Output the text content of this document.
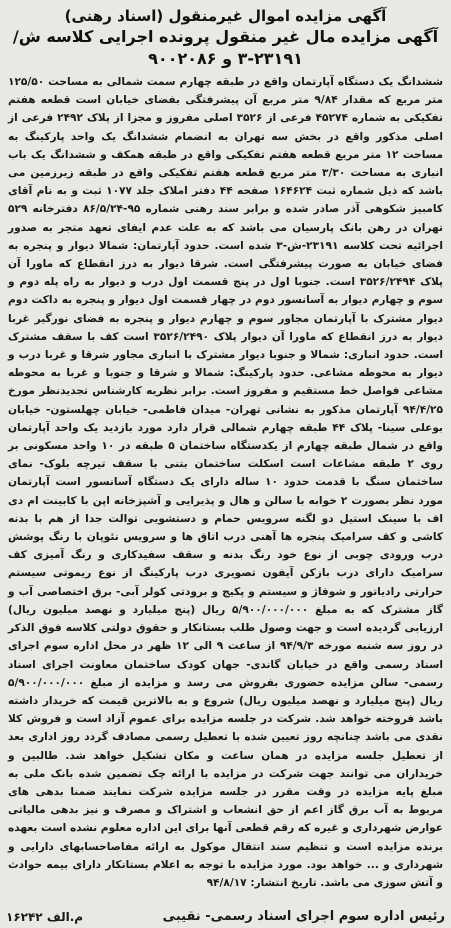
آگهی مزایده اموال غیرمنقول (اسناد رهنی)
آگهی مزایده مال غیر منقول پرونده اجرایی کلاسه ش/
۳-۲۳۱۹۱ و ۹۰۰۲۰۸۶

ششدانگ یک دستگاه آپارتمان واقع در طبقه چهارم سمت شمالی به مساحت ۱۲۵/۵۰ متر مربع که مقدار ۹/۸۴ متر مربع آن پیشرفتگی بفضای خیابان است قطعه هفتم تفکیکی به شماره ۴۵۲۷۴ فرعی از ۳۵۲۶ اصلی مفروز و مجزا از پلاک ۲۴۹۲ فرعی از اصلی مذکور واقع در بخش سه تهران به انضمام ششدانگ یک واحد پارکینگ به مساحت ۱۲ متر مربع قطعه هفتم تفکیکی واقع در طبقه همکف و ششدانگ یک باب انباری به مساحت ۳/۳۰ متر مربع قطعه هفتم تفکیکی واقع در طبقه زیرزمین می باشد که ذیل شماره ثبت ۱۶۴۶۲۴ صفحه ۴۴ دفتر املاک جلد ۱۰۷۷ ثبت و به نام آقای کامبیز شکوهی آذر صادر شده و برابر سند رهنی شماره ۹۵-۸۶/۵/۲۴ دفترخانه ۵۲۹ تهران در رهن بانک پارسیان می باشد که به علت عدم ایفای تعهد متجر به صدور اجرائیه تحت کلاسه ۲۳۱۹۱-ش-۳ شده است. حدود آپارتمان: شمالا دیوار و پنجره به فضای خیابان به صورت پیشرفتگی است. شرقا دیوار به درز انقطاع که ماورا آن پلاک ۳۵۲۶/۲۴۹۴ است. جنوبا اول در پنج قسمت اول درب و دیوار به راه پله دوم و سوم و چهارم دیوار به آسانسور دوم در چهار قسمت اول دیوار و پنجره به داکت دوم دیوار مشترک با آپارتمان مجاور سوم و چهارم دیوار و پنجره به فضای نورگیر غربا دیوار به درز انقطاع که ماورا آن دیوار پلاک ۳۵۲۶/۲۴۹۰ است کف با سقف مشترک است. حدود انباری: شمالا و جنوبا دیوار مشترک با انباری مجاور شرقا و غربا درب و دیوار به محوطه مشاعی. حدود پارکینگ: شمالا و شرقا و جنوبا و غربا به محوطه مشاعی فواصل خط مستقیم و مفروز است. برابر نظریه کارشناس تجدیدنظر مورخ ۹۴/۴/۲۵ آپارتمان مذکور به نشانی تهران- میدان فاطمی- خیابان چهلستون- خیابان بوعلی سینا- پلاک ۴۴ طبقه چهارم شمالی قرار دارد مورد بازدید یک واحد آپارتمان واقع در شمال طبقه چهارم از یکدستگاه ساختمان ۵ طبقه در ۱۰ واحد مسکونی بر روی ۲ طبقه مشاعات است اسکلت ساختمان بتنی با سقف تیرچه بلوک- نمای ساختمان سنگ با قدمت حدود ۱۰ ساله دارای یک دستگاه آسانسور است آپارتمان مورد نظر بصورت ۲ خوابه با سالن و هال و پذیرایی و آشپزخانه اپن با کابینت ام دی اف با سینک استیل دو لگنه سرویس حمام و دستشویی توالت جدا از هم با بدنه کاشی و کف سرامیک پنجره ها آهنی درب اتاق ها و سرویس نئوپان با رنگ پوشش درب ورودی چوبی از نوع خود رنگ بدنه و سقف سفیدکاری و رنگ آمیزی کف سرامیک دارای درب بازکن آیفون تصویری درب پارکینگ از نوع ریموتی سیستم حرارتی رادیاتور و شوفاژ و سیستم و پکیج و برودتی کولر آبی- برق اختصاصی آب و گاز مشترک که به مبلغ ۵/۹۰۰/۰۰۰/۰۰۰ ریال (پنج میلیارد و نهصد میلیون ریال) ارزیابی گردیده است و جهت وصول طلب بستانکار و حقوق دولتی کلاسه فوق الذکر در روز سه شنبه مورخه ۹۴/۹/۳ از ساعت ۹ الی ۱۲ ظهر در محل اداره سوم اجرای اسناد رسمی واقع در خیابان گاندی- جهان کودک ساختمان معاونت اجرای اسناد رسمی- سالن مزایده حضوری بفروش می رسد و مزایده از مبلغ ۵/۹۰۰/۰۰۰/۰۰۰ ریال (پنج میلیارد و نهصد میلیون ریال) شروع و به بالاترین قیمت که خریدار داشته باشد فروخته خواهد شد. شرکت در جلسه مزایده برای عموم آزاد است و فروش کلا نقدی می باشد چنانچه روز تعیین شده با تعطیل رسمی مصادف گردد روز اداری بعد از تعطیل جلسه مزایده در همان ساعت و مکان تشکیل خواهد شد. طالبین و خریداران می توانند جهت شرکت در مزایده با ارائه چک تضمین شده بانک ملی به مبلغ پایه مزایده در وقت مقرر در جلسه مزایده شرکت نمایند ضمنا بدهی های مربوط به آب برق گاز اعم از حق انشعاب و اشتراک و مصرف و نیز بدهی مالیاتی عوارض شهرداری و غیره که رقم قطعی آنها برای این اداره معلوم نشده است بعهده برنده مزایده است و تنظیم سند انتقال موکول به ارائه مفاصاحسابهای دارایی و شهرداری و ... خواهد بود. مورد مزایده با توجه به اعلام بستانکار دارای بیمه حوادث و آتش سوزی می باشد. تاریخ انتشار: ۹۴/۸/۱۷

رئیس اداره سوم اجرای اسناد رسمی- نقیبی
۱۶۲۴۲ م.الف
